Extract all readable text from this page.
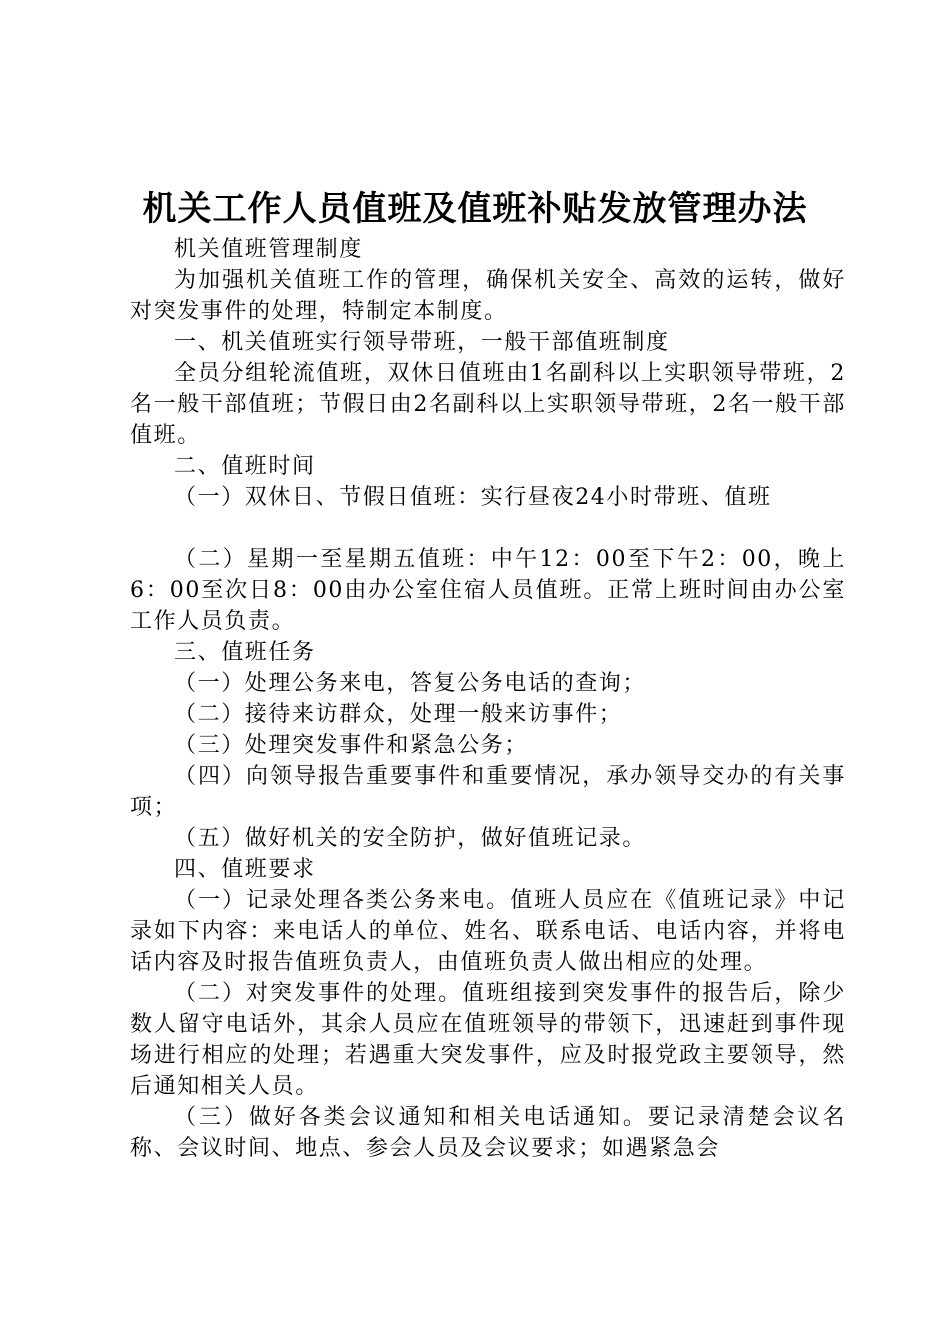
机关工作人员值班及值班补贴发放管理办法

机关值班管理制度

为加强机关值班工作的管理，确保机关安全、高效的运转，做好对突发事件的处理，特制定本制度。

一、机关值班实行领导带班，一般干部值班制度

全员分组轮流值班，双休日值班由1名副科以上实职领导带班，2名一般干部值班；节假日由2名副科以上实职领导带班，2名一般干部值班。

二、值班时间

（一）双休日、节假日值班：实行昼夜24小时带班、值班

（二）星期一至星期五值班：中午12：00至下午2：00，晚上6：00至次日8：00由办公室住宿人员值班。正常上班时间由办公室工作人员负责。

三、值班任务

（一）处理公务来电，答复公务电话的查询；

（二）接待来访群众，处理一般来访事件；

（三）处理突发事件和紧急公务；

（四）向领导报告重要事件和重要情况，承办领导交办的有关事项；

（五）做好机关的安全防护，做好值班记录。

四、值班要求

（一）记录处理各类公务来电。值班人员应在《值班记录》中记录如下内容：来电话人的单位、姓名、联系电话、电话内容，并将电话内容及时报告值班负责人，由值班负责人做出相应的处理。

（二）对突发事件的处理。值班组接到突发事件的报告后，除少数人留守电话外，其余人员应在值班领导的带领下，迅速赶到事件现场进行相应的处理；若遇重大突发事件，应及时报党政主要领导，然后通知相关人员。

（三）做好各类会议通知和相关电话通知。要记录清楚会议名称、会议时间、地点、参会人员及会议要求；如遇紧急会
